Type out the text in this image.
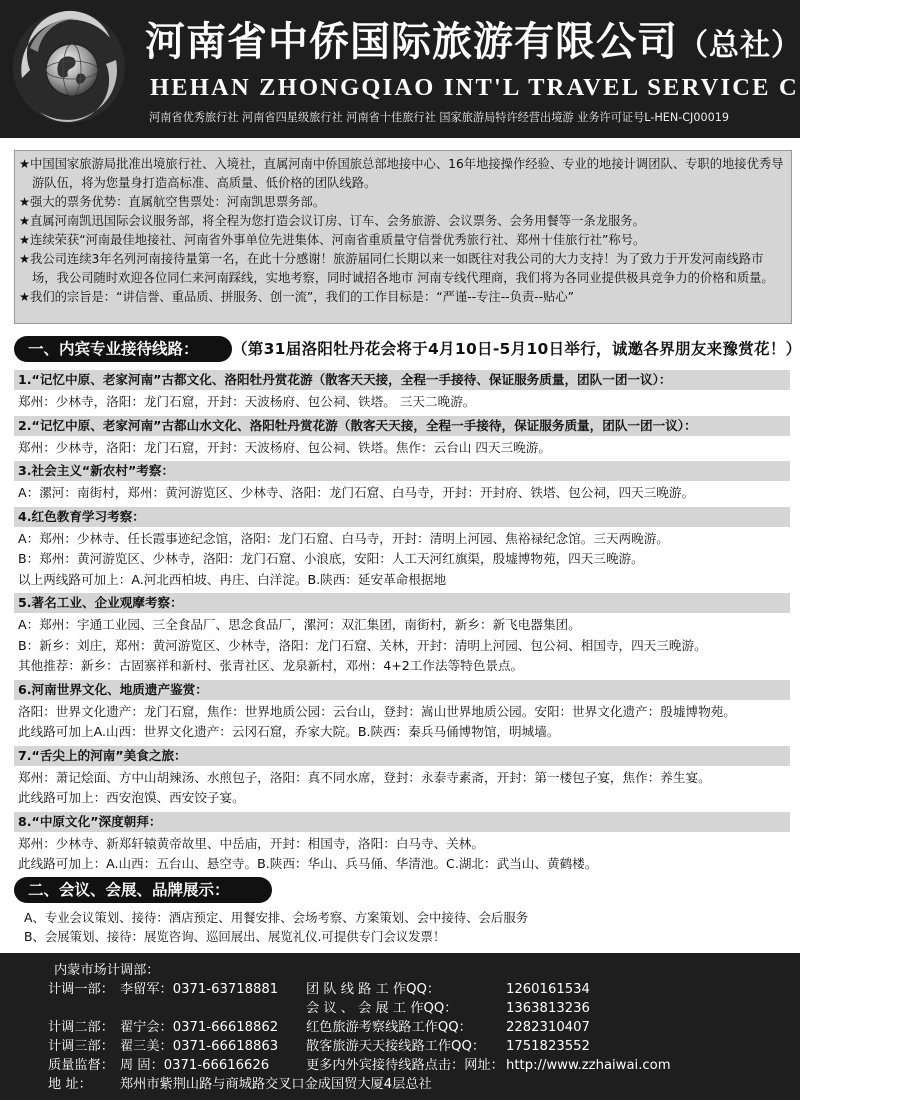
河南省中侨国际旅游有限公司（总社）
HEHAN ZHONGQIAO INT'L TRAVEL SERVICE CO., LTD
河南省优秀旅行社 河南省四星级旅行社 河南省十佳旅行社 国家旅游局特许经营出境游 业务许可证号L-HEN-CJ00019
★中国国家旅游局批准出境旅行社、入境社，直属河南中侨国旅总部地接中心、16年地接操作经验、专业的地接计调团队、专职的地接优秀导游队伍，将为您量身打造高标准、高质量、低价格的团队线路。
★强大的票务优势：直属航空售票处：河南凯思票务部。
★直属河南凯迅国际会议服务部，将全程为您打造会议订房、订车、会务旅游、会议票务、会务用餐等一条龙服务。
★连续荣获“河南最佳地接社、河南省外事单位先进集体、河南省重质量守信誉优秀旅行社、郑州十佳旅行社”称号。
★我公司连续3年名列河南接待量第一名，在此十分感谢！旅游届同仁长期以来一如既往对我公司的大力支持！为了致力于开发河南线路市场，我公司随时欢迎各位同仁来河南踩线，实地考察，同时诚招各地市 河南专线代理商，我们将为各同业提供极具竞争力的价格和质量。
★我们的宗旨是：“讲信誉、重品质、拼服务、创一流”，我们的工作目标是：“严谨--专注--负责--贴心”
一、内宾专业接待线路：	（第31届洛阳牡丹花会将于4月10日-5月10日举行，诚邀各界朋友来豫赏花！）
1.“记忆中原、老家河南”古都文化、洛阳牡丹赏花游（散客天天接，全程一手接待、保证服务质量，团队一团一议）：
郑州：少林寺，洛阳：龙门石窟，开封：天波杨府、包公祠、铁塔。 三天二晚游。
2.“记忆中原、老家河南”古都山水文化、洛阳牡丹赏花游（散客天天接，全程一手接待，保证服务质量，团队一团一议）：
郑州：少林寺，洛阳：龙门石窟，开封：天波杨府、包公祠、铁塔。焦作：云台山 四天三晚游。
3.社会主义“新农村”考察：
A：漯河：南街村，郑州：黄河游览区、少林寺、洛阳：龙门石窟、白马寺，开封：开封府、铁塔、包公祠，四天三晚游。
4.红色教育学习考察：
A：郑州：少林寺、任长霞事迹纪念馆，洛阳：龙门石窟、白马寺，开封：清明上河园、焦裕禄纪念馆。三天两晚游。
B：郑州：黄河游览区、少林寺，洛阳：龙门石窟、小浪底，安阳：人工天河红旗渠，殷墟博物苑，四天三晚游。
以上两线路可加上：A.河北西柏坡、冉庄、白洋淀。B.陕西：延安革命根据地
5.著名工业、企业观摩考察：
A：郑州：宇通工业园、三全食品厂、思念食品厂，漯河：双汇集团，南街村，新乡：新飞电器集团。
B：新乡：刘庄，郑州：黄河游览区、少林寺，洛阳：龙门石窟、关林，开封：清明上河园、包公祠、相国寺，四天三晚游。
其他推荐：新乡：古固寨祥和新村、张青社区、龙泉新村，邓州：4+2工作法等特色景点。
6.河南世界文化、地质遗产鉴赏：
洛阳：世界文化遗产：龙门石窟，焦作：世界地质公园：云台山，登封：嵩山世界地质公园。安阳：世界文化遗产：殷墟博物苑。
此线路可加上A.山西：世界文化遗产：云冈石窟，乔家大院。B.陕西：秦兵马俑博物馆，明城墙。
7.“舌尖上的河南”美食之旅：
郑州：萧记烩面、方中山胡辣汤、水煎包子，洛阳：真不同水席，登封：永泰寺素斋，开封：第一楼包子宴，焦作：养生宴。
此线路可加上：西安泡馍、西安饺子宴。
8.“中原文化”深度朝拜：
郑州：少林寺、新郑轩辕黄帝故里、中岳庙，开封：相国寺，洛阳：白马寺、关林。
此线路可加上：A.山西：五台山、悬空寺。B.陕西：华山、兵马俑、华清池。C.湖北：武当山、黄鹤楼。
二、会议、会展、品牌展示：
A、专业会议策划、接待：酒店预定、用餐安排、会场考察、方案策划、会中接待、会后服务
B、会展策划、接待：展览咨询、巡回展出、展览礼仪.可提供专门会议发票！
内蒙市场计调部：
计调一部： 李留军：0371-63718881 团 队 线 路 工 作QQ：	1260161534
会 议 、 会 展 工 作QQ：	1363813236
计调二部： 翟宁会：0371-66618862 红色旅游考察线路工作QQ：	2282310407
计调三部： 翟三美：0371-66618863 散客旅游天天接线路工作QQ： 1751823552
质量监督： 周 固：0371-66616626	更多内外宾接待线路点击：网址： http://www.zzhaiwai.com
地 址： 郑州市紫荆山路与商城路交叉口金成国贸大厦4层总社
